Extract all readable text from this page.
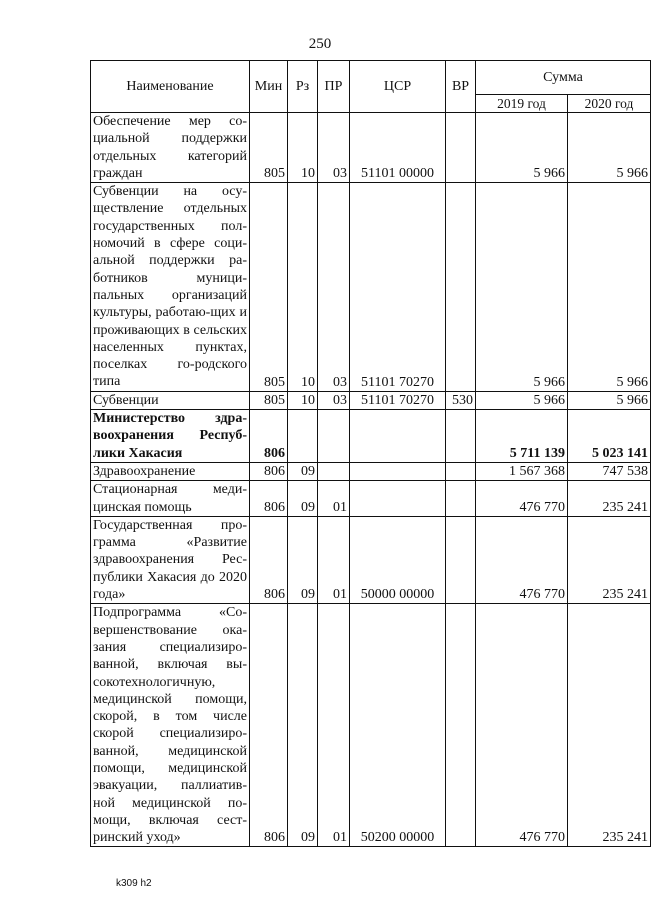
250
Наименование	Мин	Рз	ПР	ЦСР	ВР	Сумма	
						2019 год	2020 год
Обеспечение мер со-циальной поддержки отдельных категорий граждан	805	10	03	51101 00000		5 966	5 966
Субвенции на осу-ществление отдельных государственных пол-номочий в сфере соци-альной поддержки ра-ботников муници-пальных организаций культуры, работаю-щих и проживающих в сельских населенных пунктах, поселках го-родского типа	805	10	03	51101 70270		5 966	5 966
Субвенции	805	10	03	51101 70270	530	5 966	5 966
Министерство здра-воохранения Респуб-лики Хакасия	806					5 711 139	5 023 141
Здравоохранение	806	09				1 567 368	747 538
Стационарная меди-цинская помощь	806	09	01			476 770	235 241
Государственная про-грамма «Развитие здравоохранения Рес-публики Хакасия до 2020 года»	806	09	01	50000 00000		476 770	235 241
Подпрограмма «Со-вершенствование ока-зания специализиро-ванной, включая вы-сокотехнологичную, медицинской помощи, скорой, в том числе скорой специализиро-ванной, медицинской помощи, медицинской эвакуации, паллиатив-ной медицинской по-мощи, включая сест-ринский уход»	806	09	01	50200 00000		476 770	235 241
k309 h2
